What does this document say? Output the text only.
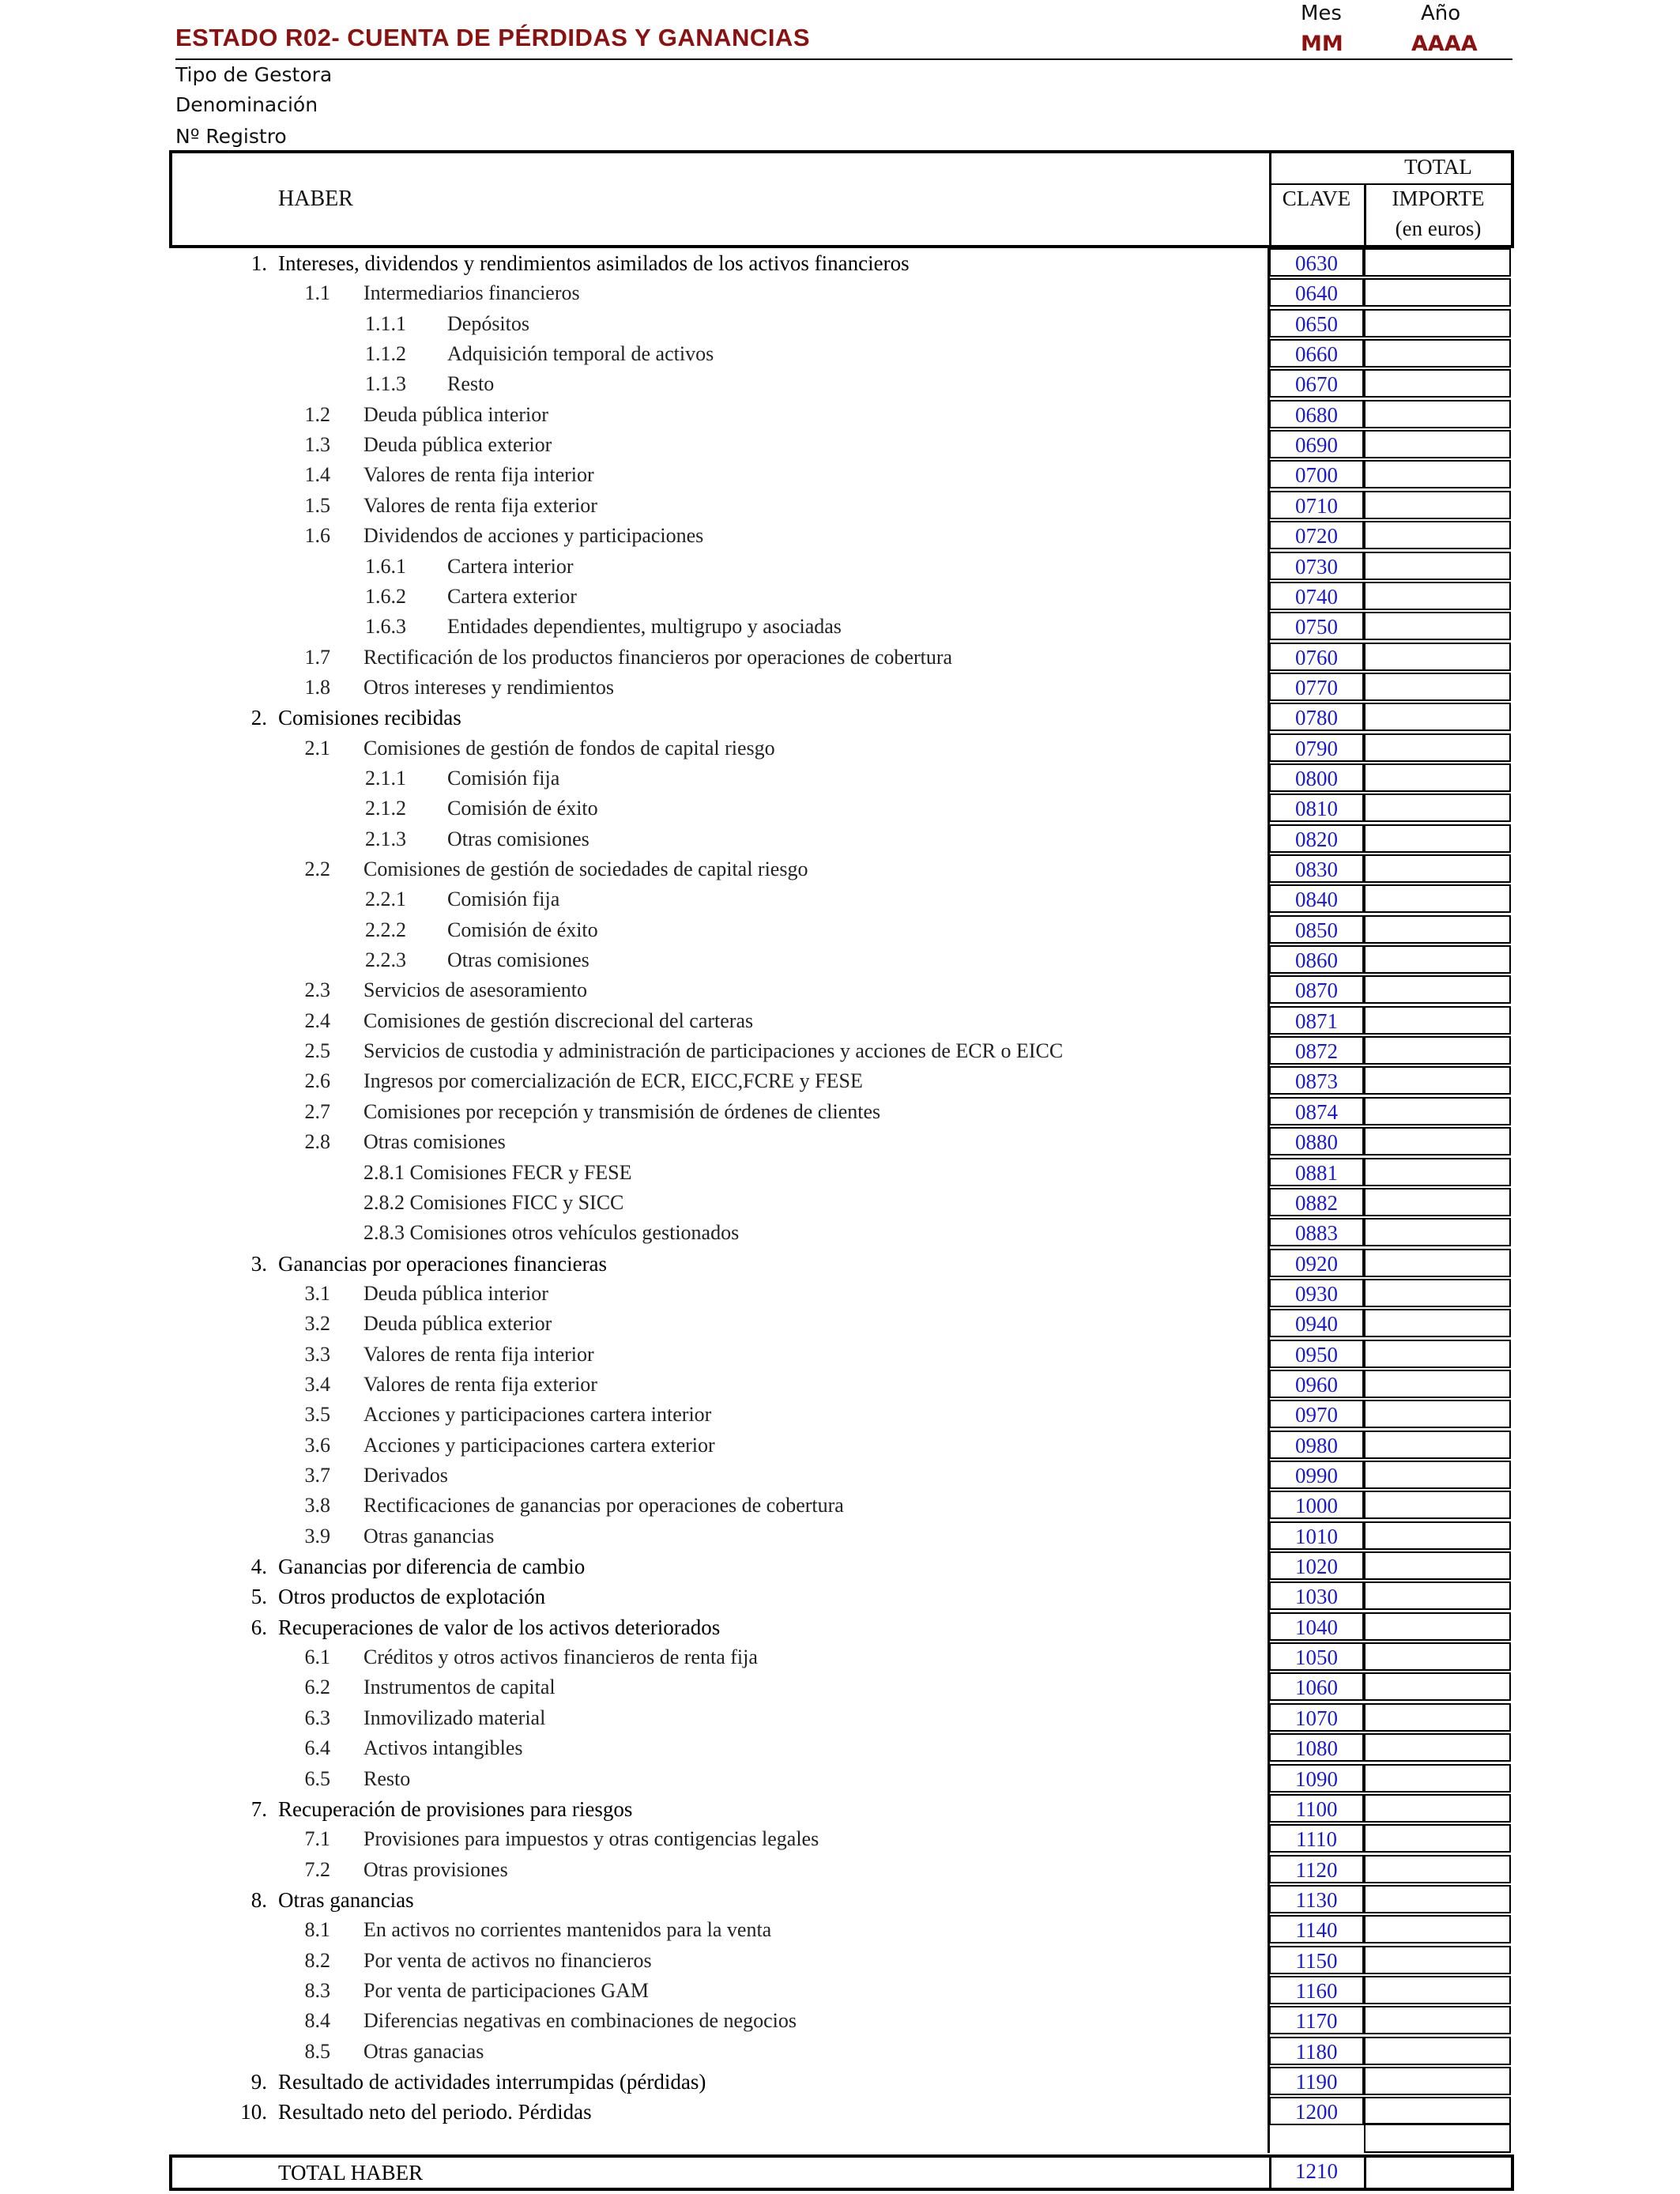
ESTADO R02- CUENTA DE PÉRDIDAS Y GANANCIAS
Mes	Año
MM	AAAA
Tipo de Gestora
Denominación
Nº Registro
HABER
TOTAL
CLAVE	IMPORTE
(en euros)
1. Intereses, dividendos y rendimientos asimilados de los activos financieros	0630
1.1 Intermediarios financieros	0640
1.1.1 Depósitos	0650
1.1.2 Adquisición temporal de activos	0660
1.1.3 Resto	0670
1.2 Deuda pública interior	0680
1.3 Deuda pública exterior	0690
1.4 Valores de renta fija interior	0700
1.5 Valores de renta fija exterior	0710
1.6 Dividendos de acciones y participaciones	0720
1.6.1 Cartera interior	0730
1.6.2 Cartera exterior	0740
1.6.3 Entidades dependientes, multigrupo y asociadas	0750
1.7 Rectificación de los productos financieros por operaciones de cobertura	0760
1.8 Otros intereses y rendimientos	0770
2. Comisiones recibidas	0780
2.1 Comisiones de gestión de fondos de capital riesgo	0790
2.1.1 Comisión fija	0800
2.1.2 Comisión de éxito	0810
2.1.3 Otras comisiones	0820
2.2 Comisiones de gestión de sociedades de capital riesgo	0830
2.2.1 Comisión fija	0840
2.2.2 Comisión de éxito	0850
2.2.3 Otras comisiones	0860
2.3 Servicios de asesoramiento	0870
2.4 Comisiones de gestión discrecional del carteras	0871
2.5 Servicios de custodia y administración de participaciones y acciones de ECR o EICC	0872
2.6 Ingresos por comercialización de ECR, EICC,FCRE y FESE	0873
2.7 Comisiones por recepción y transmisión de órdenes de clientes	0874
2.8 Otras comisiones	0880
2.8.1 Comisiones FECR y FESE	0881
2.8.2 Comisiones FICC y SICC	0882
2.8.3 Comisiones otros vehículos gestionados	0883
3. Ganancias por operaciones financieras	0920
3.1 Deuda pública interior	0930
3.2 Deuda pública exterior	0940
3.3 Valores de renta fija interior	0950
3.4 Valores de renta fija exterior	0960
3.5 Acciones y participaciones cartera interior	0970
3.6 Acciones y participaciones cartera exterior	0980
3.7 Derivados	0990
3.8 Rectificaciones de ganancias por operaciones de cobertura	1000
3.9 Otras ganancias	1010
4. Ganancias por diferencia de cambio	1020
5. Otros productos de explotación	1030
6. Recuperaciones de valor de los activos deteriorados	1040
6.1 Créditos y otros activos financieros de renta fija	1050
6.2 Instrumentos de capital	1060
6.3 Inmovilizado material	1070
6.4 Activos intangibles	1080
6.5 Resto	1090
7. Recuperación de provisiones para riesgos	1100
7.1 Provisiones para impuestos y otras contigencias legales	1110
7.2 Otras provisiones	1120
8. Otras ganancias	1130
8.1 En activos no corrientes mantenidos para la venta	1140
8.2 Por venta de activos no financieros	1150
8.3 Por venta de participaciones GAM	1160
8.4 Diferencias negativas en combinaciones de negocios	1170
8.5 Otras ganacias	1180
9. Resultado de actividades interrumpidas (pérdidas)	1190
10. Resultado neto del periodo. Pérdidas	1200
TOTAL HABER	1210
